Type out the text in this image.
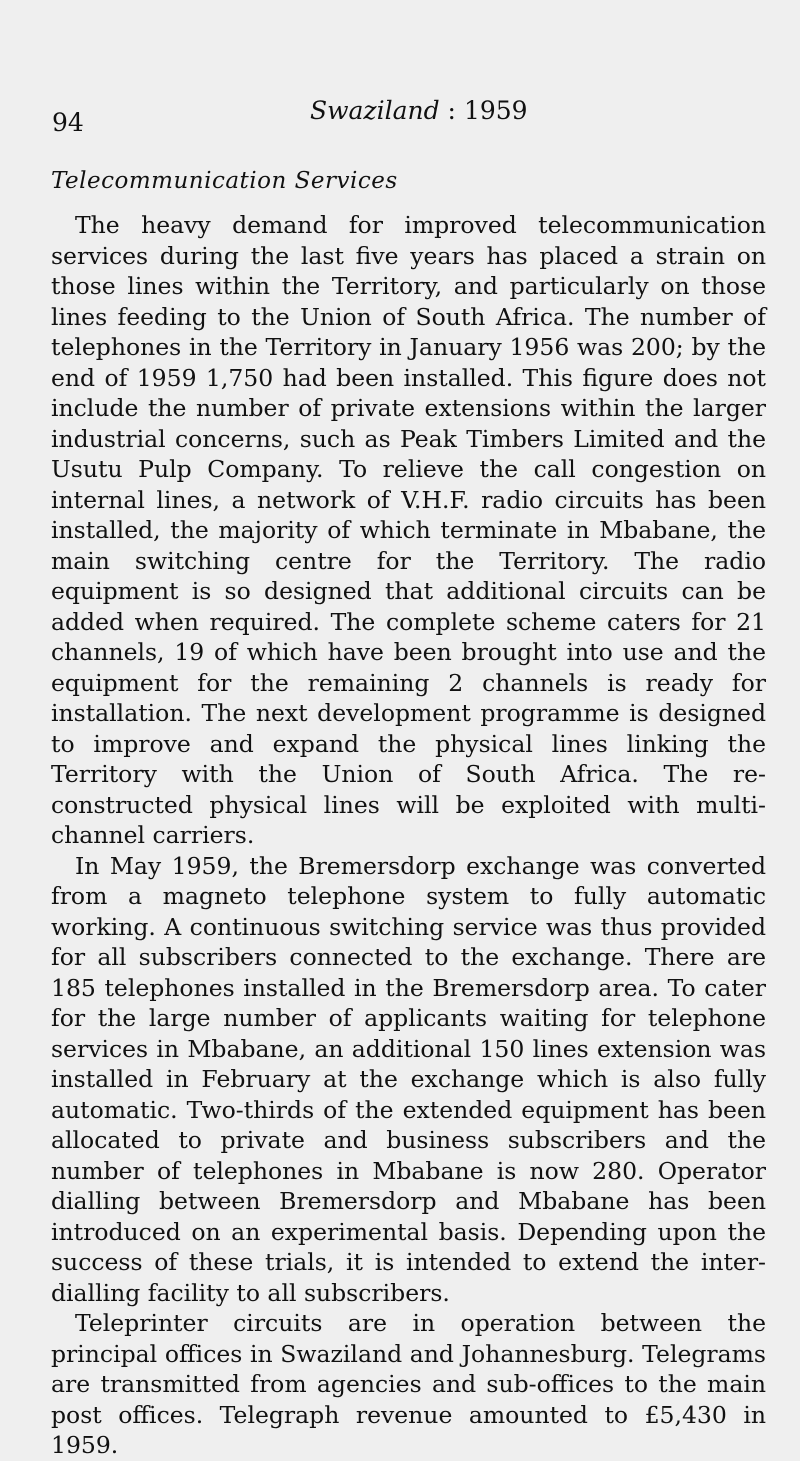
94	Swaziland : 1959
Telecommunication Services

The heavy demand for improved telecommunication services during the last five years has placed a strain on those lines within the Territory, and particularly on those lines feeding to the Union of South Africa. The number of telephones in the Territory in January 1956 was 200; by the end of 1959 1,750 had been installed. This figure does not include the number of private extensions within the larger industrial concerns, such as Peak Timbers Limited and the Usutu Pulp Company. To relieve the call congestion on internal lines, a network of V.H.F. radio circuits has been installed, the majority of which terminate in Mbabane, the main switching centre for the Territory. The radio equipment is so designed that additional circuits can be added when required. The complete scheme caters for 21 channels, 19 of which have been brought into use and the equipment for the remaining 2 channels is ready for installation. The next development programme is designed to improve and expand the physical lines linking the Territory with the Union of South Africa. The re-constructed physical lines will be exploited with multi-channel carriers.

In May 1959, the Bremersdorp exchange was converted from a magneto telephone system to fully automatic working. A continuous switching service was thus provided for all subscribers connected to the exchange. There are 185 telephones installed in the Bremersdorp area. To cater for the large number of applicants waiting for telephone services in Mbabane, an additional 150 lines extension was installed in February at the exchange which is also fully automatic. Two-thirds of the extended equipment has been allocated to private and business subscribers and the number of telephones in Mbabane is now 280. Operator dialling between Bremersdorp and Mbabane has been introduced on an experimental basis. Depending upon the success of these trials, it is intended to extend the inter-dialling facility to all subscribers.

Teleprinter circuits are in operation between the principal offices in Swaziland and Johannesburg. Telegrams are transmitted from agencies and sub-offices to the main post offices. Telegraph revenue amounted to £5,430 in 1959.
